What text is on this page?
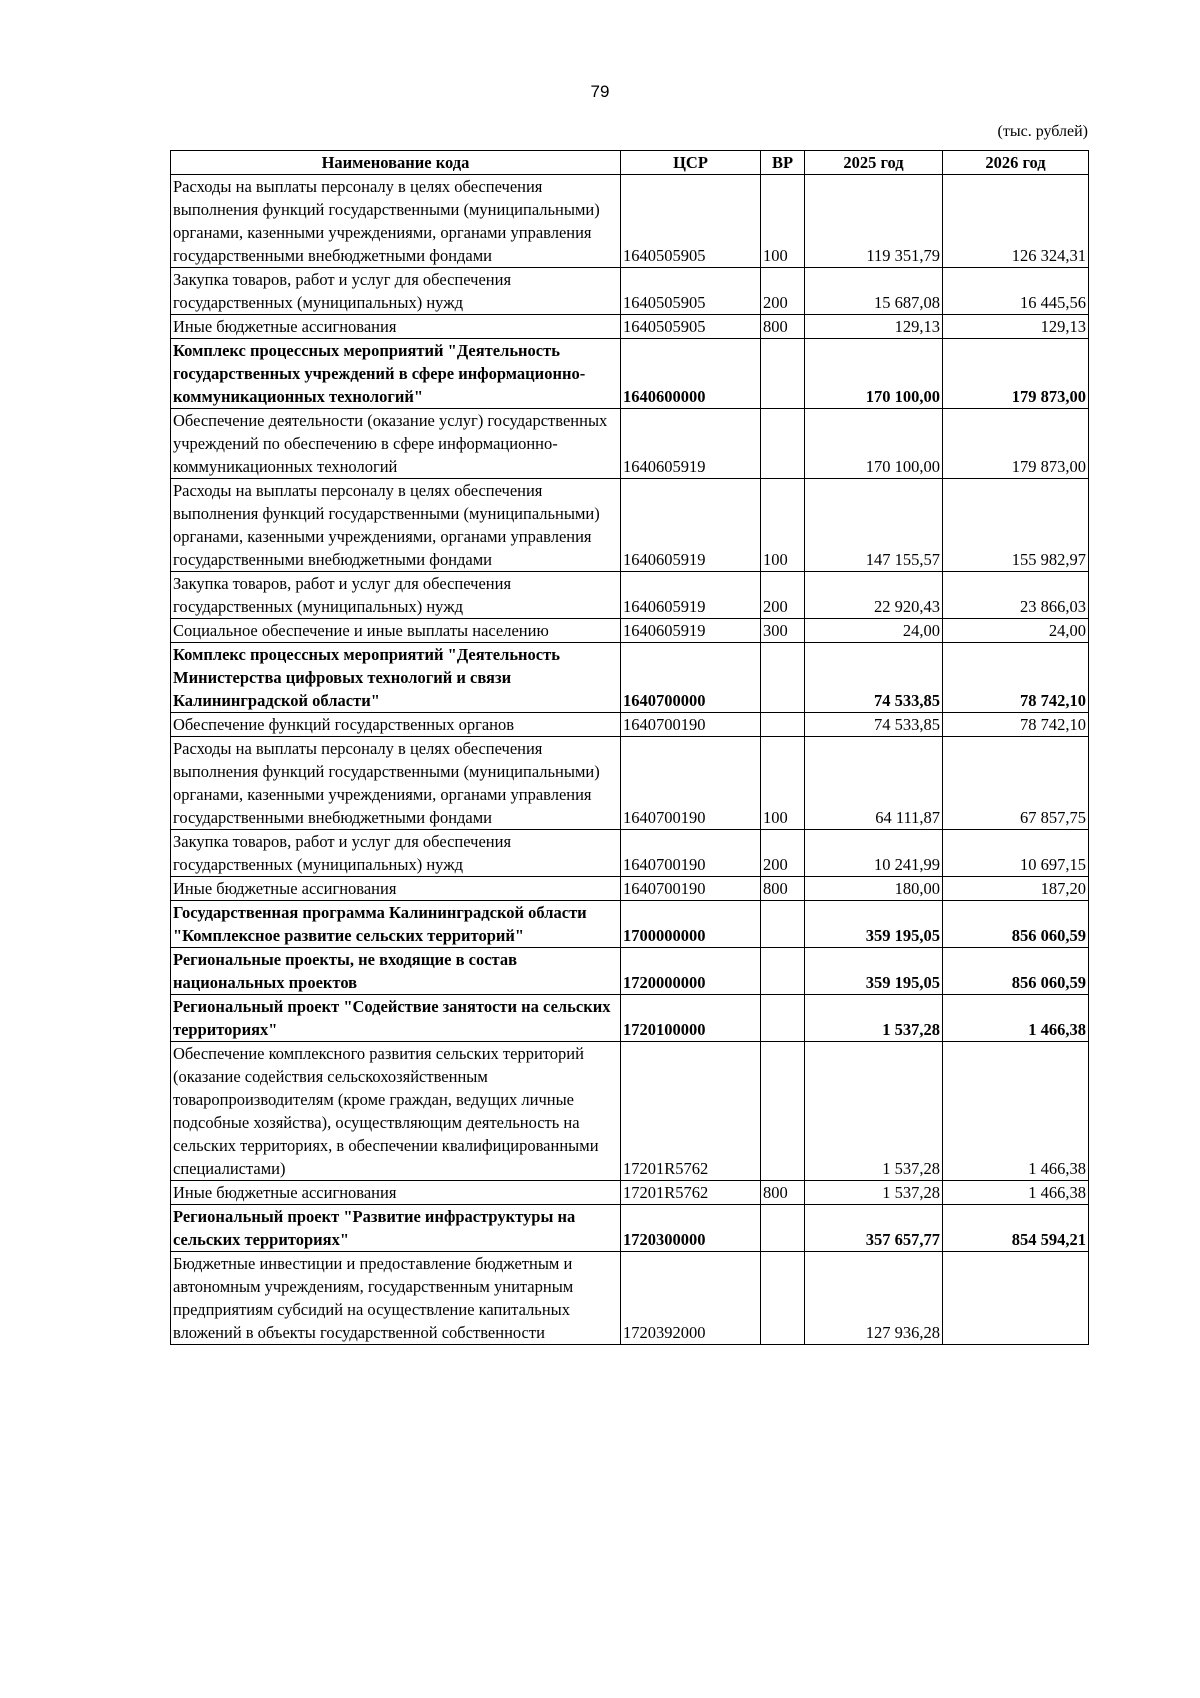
79
(тыс. рублей)
Наименование кода	ЦСР	ВР	2025 год	2026 год
Расходы на выплаты персоналу в целях обеспечения выполнения функций государственными (муниципальными) органами, казенными учреждениями, органами управления государственными внебюджетными фондами	1640505905	100	119 351,79	126 324,31
Закупка товаров, работ и услуг для обеспечения государственных (муниципальных) нужд	1640505905	200	15 687,08	16 445,56
Иные бюджетные ассигнования	1640505905	800	129,13	129,13
Комплекс процессных мероприятий "Деятельность государственных учреждений в сфере информационно-коммуникационных технологий"	1640600000		170 100,00	179 873,00
Обеспечение деятельности (оказание услуг) государственных учреждений по обеспечению в сфере информационно-коммуникационных технологий	1640605919		170 100,00	179 873,00
Расходы на выплаты персоналу в целях обеспечения выполнения функций государственными (муниципальными) органами, казенными учреждениями, органами управления государственными внебюджетными фондами	1640605919	100	147 155,57	155 982,97
Закупка товаров, работ и услуг для обеспечения государственных (муниципальных) нужд	1640605919	200	22 920,43	23 866,03
Социальное обеспечение и иные выплаты населению	1640605919	300	24,00	24,00
Комплекс процессных мероприятий "Деятельность Министерства цифровых технологий и связи Калининградской области"	1640700000		74 533,85	78 742,10
Обеспечение функций государственных органов	1640700190		74 533,85	78 742,10
Расходы на выплаты персоналу в целях обеспечения выполнения функций государственными (муниципальными) органами, казенными учреждениями, органами управления государственными внебюджетными фондами	1640700190	100	64 111,87	67 857,75
Закупка товаров, работ и услуг для обеспечения государственных (муниципальных) нужд	1640700190	200	10 241,99	10 697,15
Иные бюджетные ассигнования	1640700190	800	180,00	187,20
Государственная программа Калининградской области "Комплексное развитие сельских территорий"	1700000000		359 195,05	856 060,59
Региональные проекты, не входящие в состав национальных проектов	1720000000		359 195,05	856 060,59
Региональный проект "Содействие занятости на сельских территориях"	1720100000		1 537,28	1 466,38
Обеспечение комплексного развития сельских территорий (оказание содействия сельскохозяйственным товаропроизводителям (кроме граждан, ведущих личные подсобные хозяйства), осуществляющим деятельность на сельских территориях, в обеспечении квалифицированными специалистами)	17201R5762		1 537,28	1 466,38
Иные бюджетные ассигнования	17201R5762	800	1 537,28	1 466,38
Региональный проект "Развитие инфраструктуры на сельских территориях"	1720300000		357 657,77	854 594,21
Бюджетные инвестиции и предоставление бюджетным и автономным учреждениям, государственным унитарным предприятиям субсидий на осуществление капитальных вложений в объекты государственной собственности	1720392000		127 936,28	
